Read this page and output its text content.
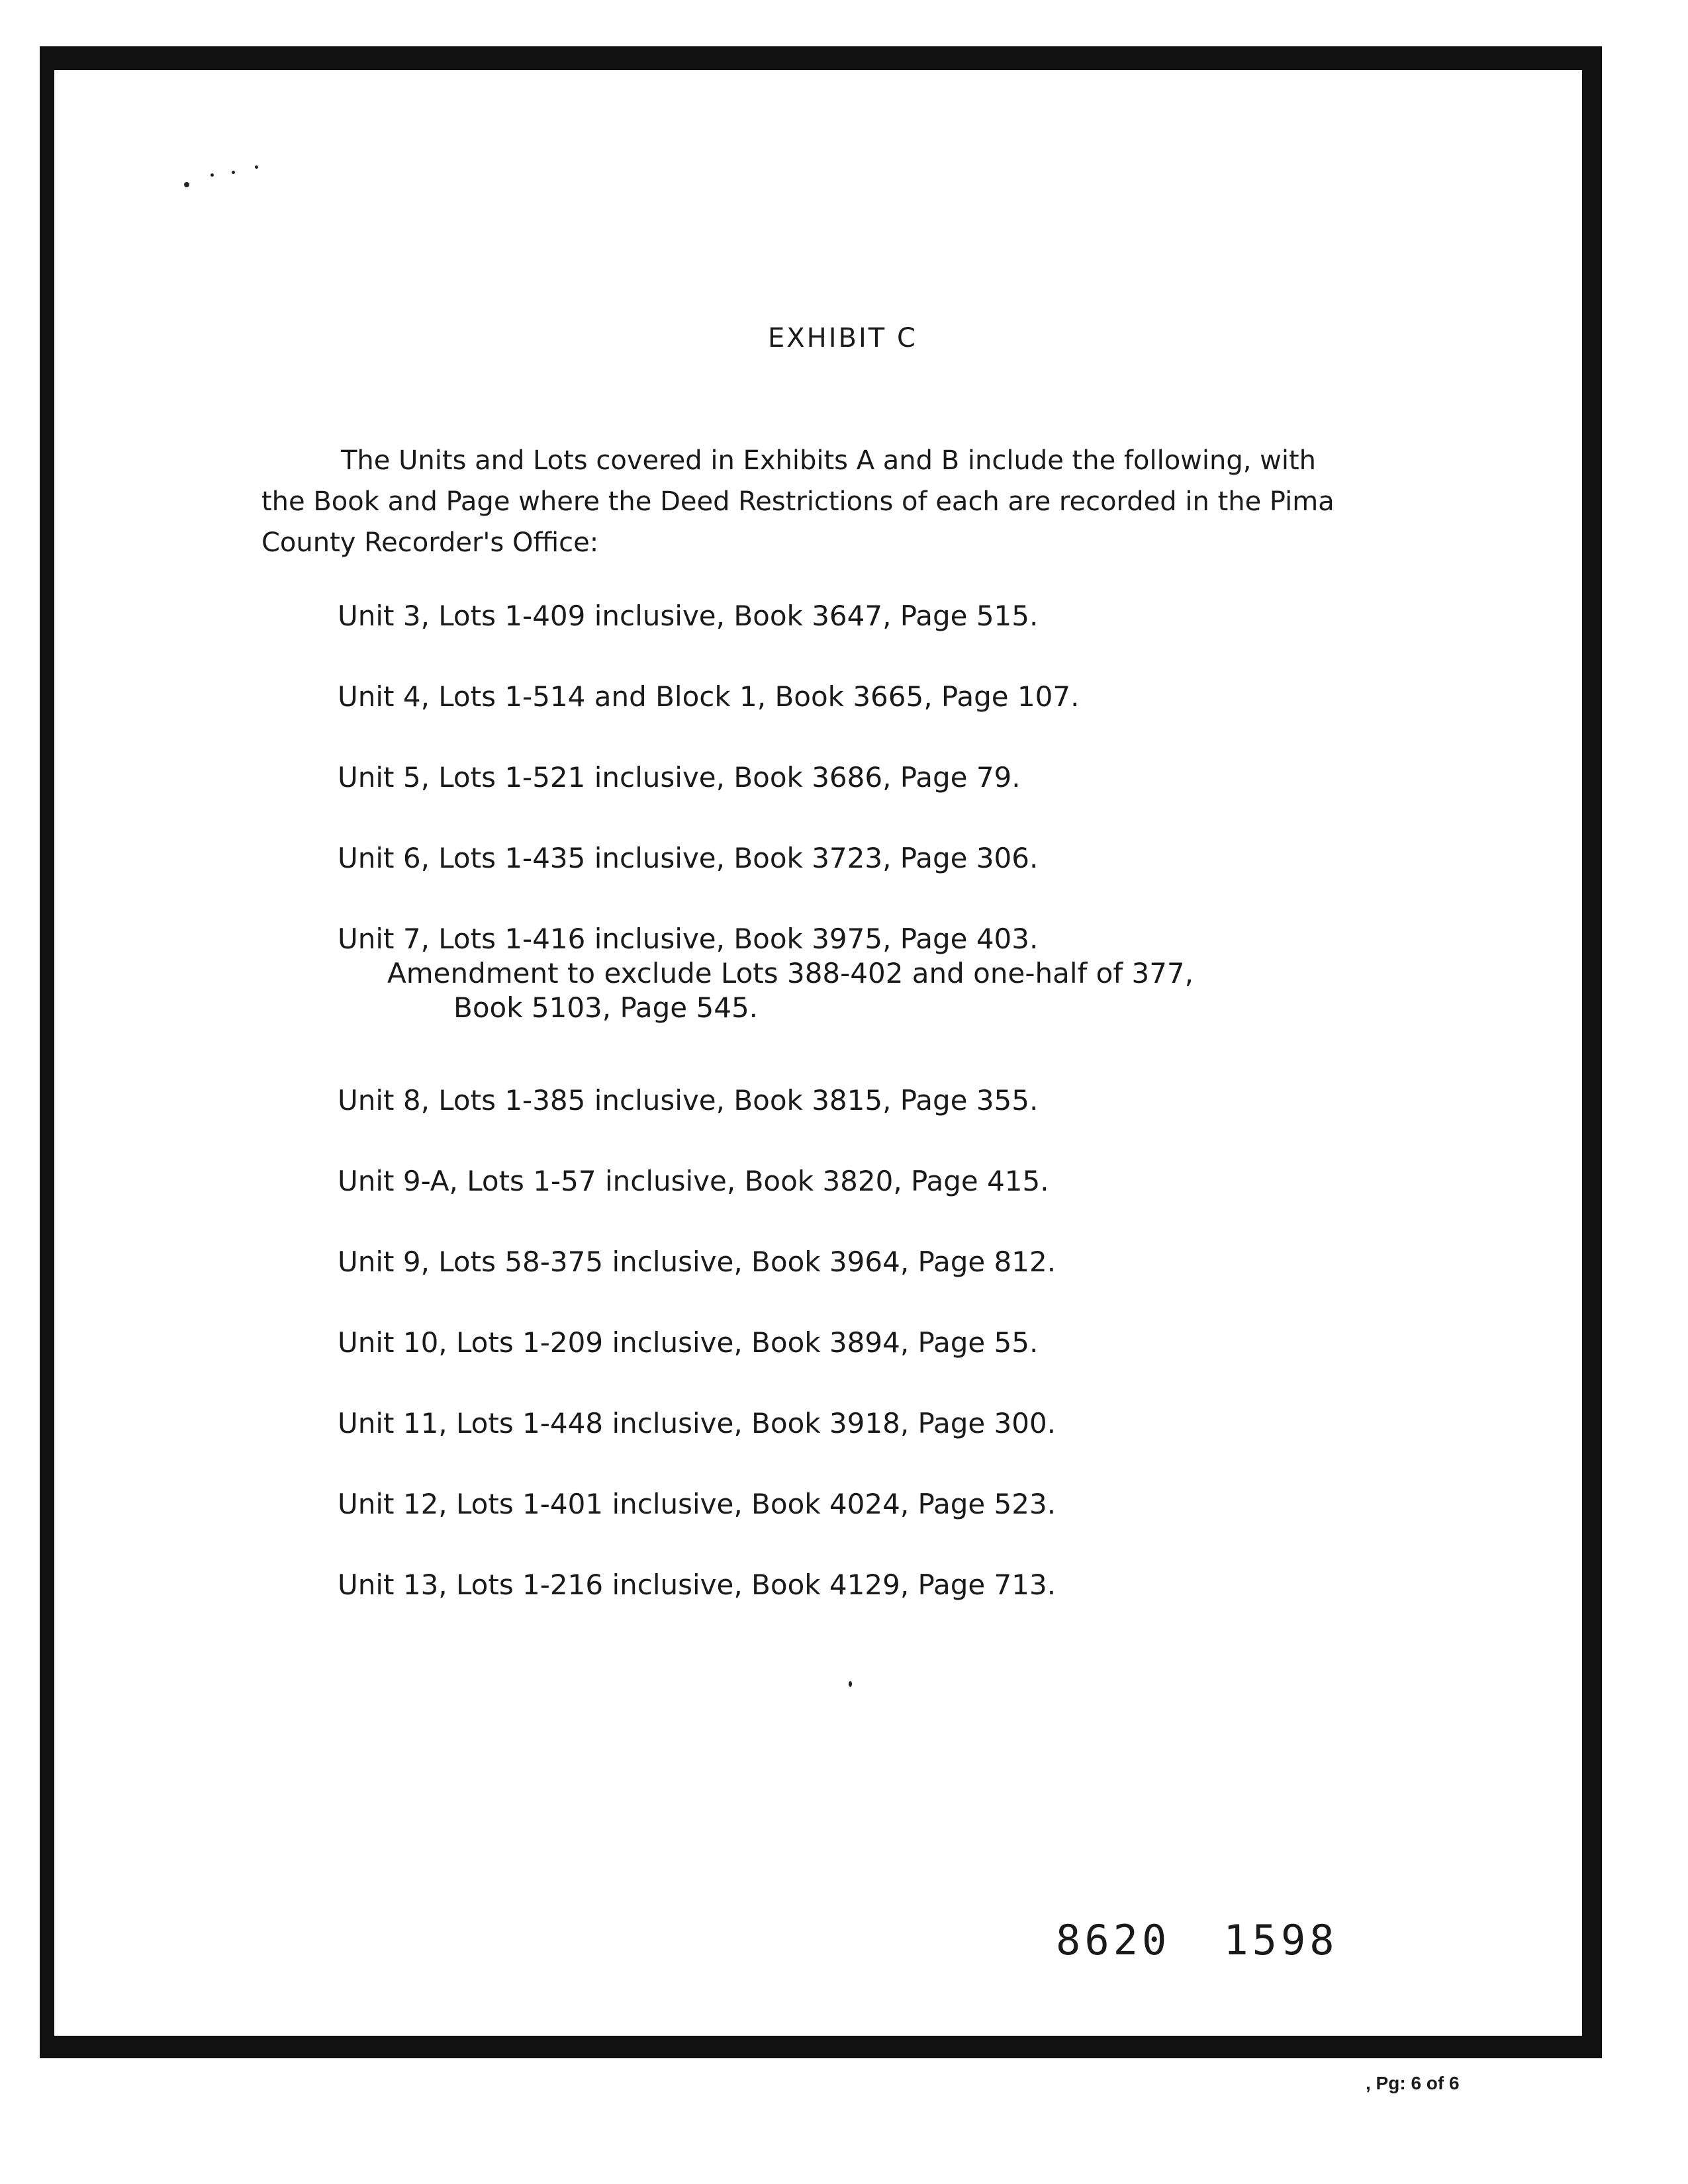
EXHIBIT C

The Units and Lots covered in Exhibits A and B include the following, with the Book and Page where the Deed Restrictions of each are recorded in the Pima County Recorder's Office:

Unit 3, Lots 1-409 inclusive, Book 3647, Page 515.
Unit 4, Lots 1-514 and Block 1, Book 3665, Page 107.
Unit 5, Lots 1-521 inclusive, Book 3686, Page 79.
Unit 6, Lots 1-435 inclusive, Book 3723, Page 306.
Unit 7, Lots 1-416 inclusive, Book 3975, Page 403.
Amendment to exclude Lots 388-402 and one-half of 377,
Book 5103, Page 545.
Unit 8, Lots 1-385 inclusive, Book 3815, Page 355.
Unit 9-A, Lots 1-57 inclusive, Book 3820, Page 415.
Unit 9, Lots 58-375 inclusive, Book 3964, Page 812.
Unit 10, Lots 1-209 inclusive, Book 3894, Page 55.
Unit 11, Lots 1-448 inclusive, Book 3918, Page 300.
Unit 12, Lots 1-401 inclusive, Book 4024, Page 523.
Unit 13, Lots 1-216 inclusive, Book 4129, Page 713.

8620 1598

, Pg: 6 of 6
